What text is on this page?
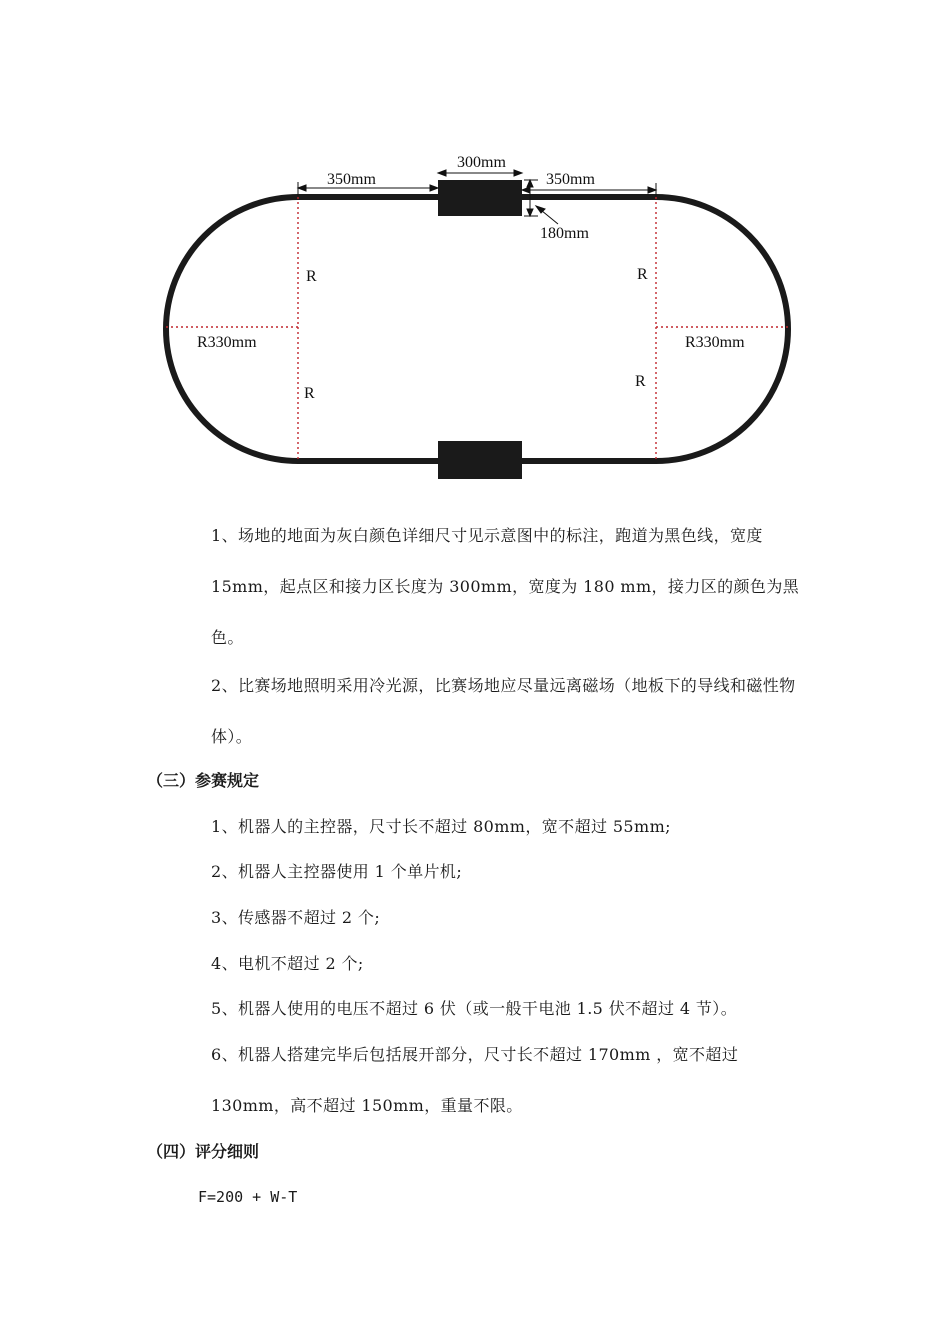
350mm
300mm
350mm
180mm
R330mm	R330mm
R
R
R
R

1、场地的地面为灰白颜色详细尺寸见示意图中的标注，跑道为黑色线，宽度 15mm，起点区和接力区长度为 300mm，宽度为 180 mm，接力区的颜色为黑色。

2、比赛场地照明采用冷光源，比赛场地应尽量远离磁场（地板下的导线和磁性物体）。

（三）参赛规定

1、机器人的主控器，尺寸长不超过 80mm，宽不超过 55mm;

2、机器人主控器使用 1 个单片机;

3、传感器不超过 2 个;

4、电机不超过 2 个;

5、机器人使用的电压不超过 6 伏（或一般干电池 1.5 伏不超过 4 节）。

6、机器人搭建完毕后包括展开部分，尺寸长不超过 170mm ，宽不超过 130mm，高不超过 150mm，重量不限。

（四）评分细则

F=200 + W-T
